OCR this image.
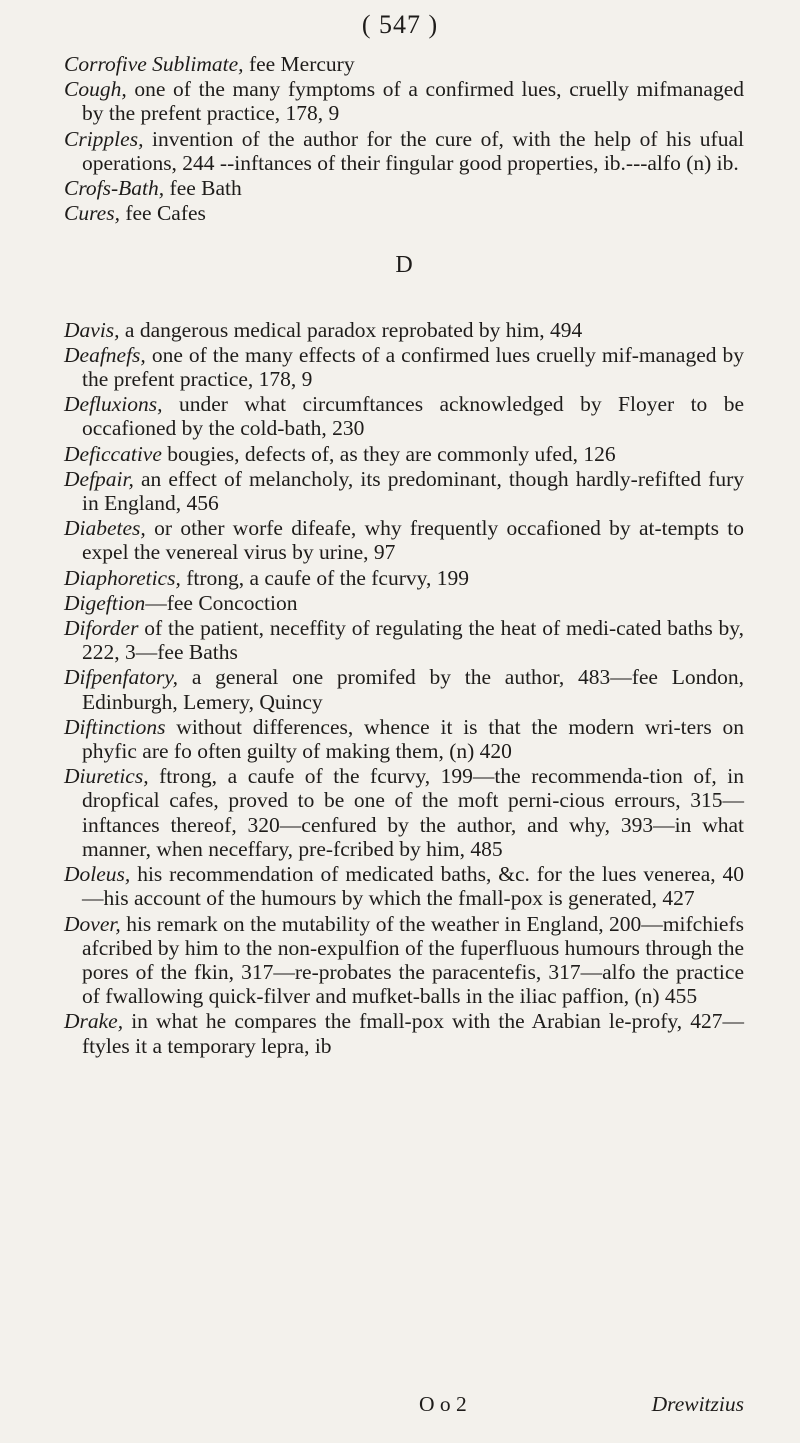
( 547 )
Corrofive Sublimate, fee Mercury
Cough, one of the many fymptoms of a confirmed lues, cruelly mifmanaged by the prefent practice, 178, 9
Cripples, invention of the author for the cure of, with the help of his ufual operations, 244 --inftances of their fingular good properties, ib.---alfo (n) ib.
Crofs-Bath, fee Bath
Cures, fee Cafes
D
Davis, a dangerous medical paradox reprobated by him, 494
Deafnefs, one of the many effects of a confirmed lues cruelly mif-managed by the prefent practice, 178, 9
Defluxions, under what circumftances acknowledged by Floyer to be occafioned by the cold-bath, 230
Deficcative bougies, defects of, as they are commonly ufed, 126
Defpair, an effect of melancholy, its predominant, though hardly-refifted fury in England, 456
Diabetes, or other worfe difeafe, why frequently occafioned by at-tempts to expel the venereal virus by urine, 97
Diaphoretics, ftrong, a caufe of the fcurvy, 199
Digeftion—fee Concoction
Diforder of the patient, neceffity of regulating the heat of medi-cated baths by, 222, 3—fee Baths
Difpenfatory, a general one promifed by the author, 483—fee London, Edinburgh, Lemery, Quincy
Diftinctions without differences, whence it is that the modern wri-ters on phyfic are fo often guilty of making them, (n) 420
Diuretics, ftrong, a caufe of the fcurvy, 199—the recommenda-tion of, in dropfical cafes, proved to be one of the moft perni-cious errours, 315—inftances thereof, 320—cenfured by the author, and why, 393—in what manner, when neceffary, pre-fcribed by him, 485
Doleus, his recommendation of medicated baths, &c. for the lues venerea, 40—his account of the humours by which the fmall-pox is generated, 427
Dover, his remark on the mutability of the weather in England, 200—mifchiefs afcribed by him to the non-expulfion of the fuperfluous humours through the pores of the fkin, 317—re-probates the paracentefis, 317—alfo the practice of fwallowing quick-filver and mufket-balls in the iliac paffion, (n) 455
Drake, in what he compares the fmall-pox with the Arabian le-profy, 427—ftyles it a temporary lepra, ib
O o 2	Drewitzius
